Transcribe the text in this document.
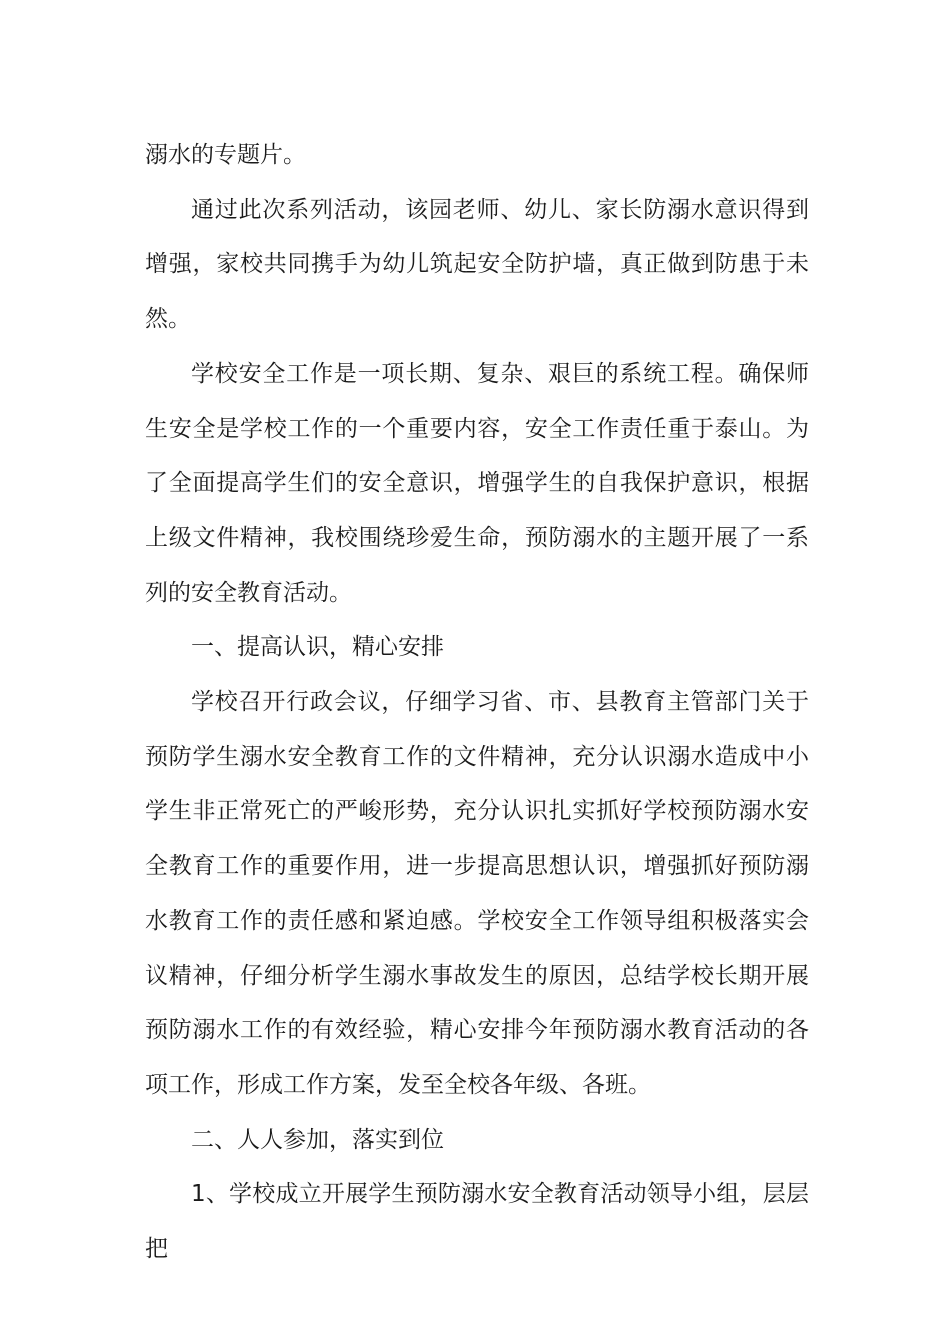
溺水的专题片。

通过此次系列活动，该园老师、幼儿、家长防溺水意识得到增强，家校共同携手为幼儿筑起安全防护墙，真正做到防患于未然。

学校安全工作是一项长期、复杂、艰巨的系统工程。确保师生安全是学校工作的一个重要内容，安全工作责任重于泰山。为了全面提高学生们的安全意识，增强学生的自我保护意识，根据上级文件精神，我校围绕珍爱生命，预防溺水的主题开展了一系列的安全教育活动。

一、提高认识，精心安排

学校召开行政会议，仔细学习省、市、县教育主管部门关于预防学生溺水安全教育工作的文件精神，充分认识溺水造成中小学生非正常死亡的严峻形势，充分认识扎实抓好学校预防溺水安全教育工作的重要作用，进一步提高思想认识，增强抓好预防溺水教育工作的责任感和紧迫感。学校安全工作领导组积极落实会议精神，仔细分析学生溺水事故发生的原因，总结学校长期开展预防溺水工作的有效经验，精心安排今年预防溺水教育活动的各项工作，形成工作方案，发至全校各年级、各班。

二、人人参加，落实到位

1、学校成立开展学生预防溺水安全教育活动领导小组，层层把
